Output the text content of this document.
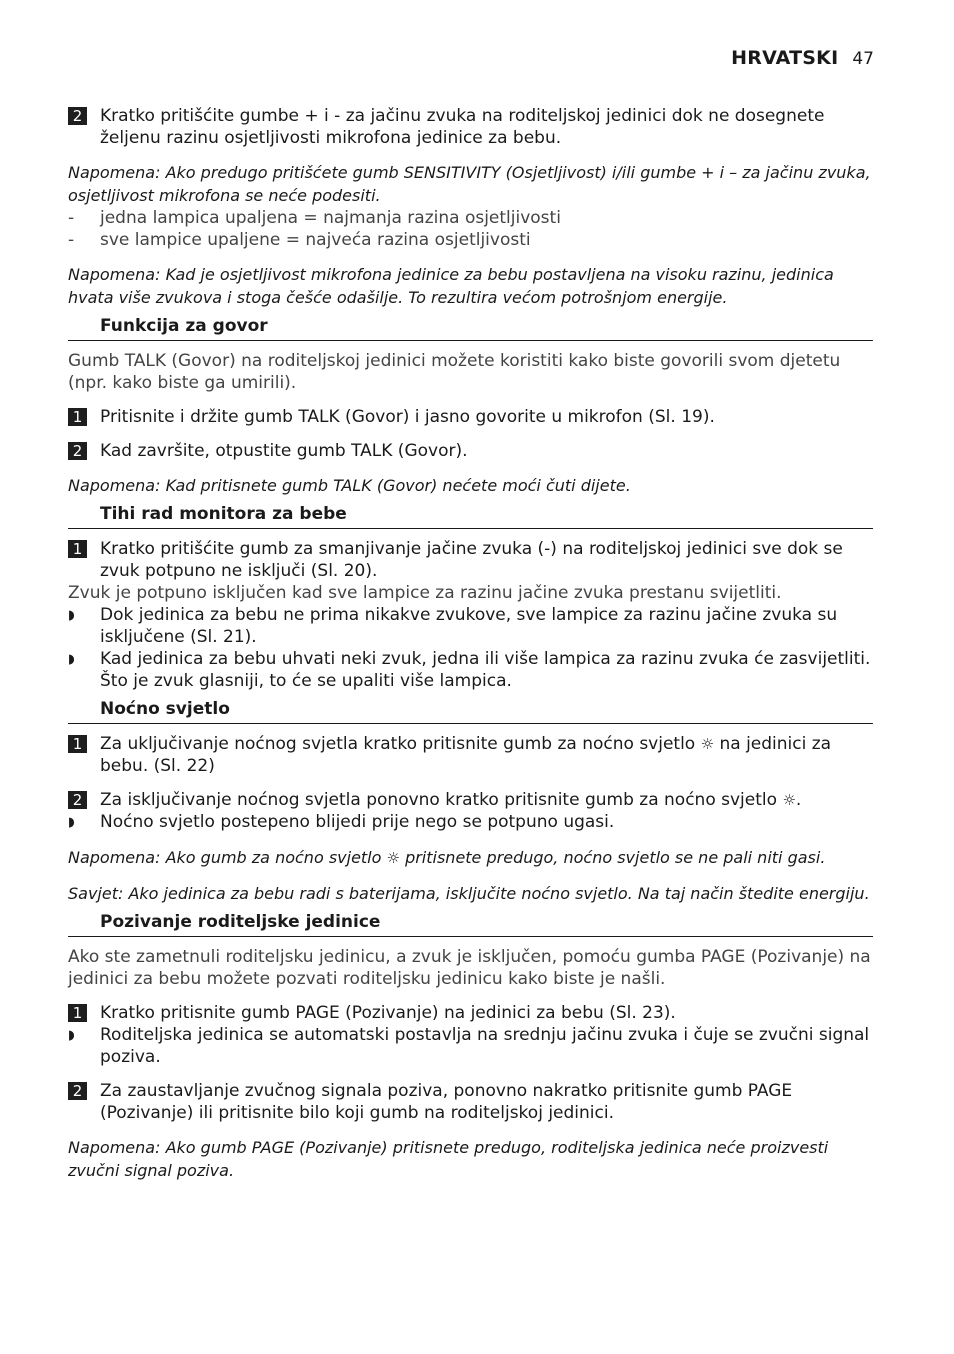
HRVATSKI 47
2 Kratko pritišćite gumbe + i - za jačinu zvuka na roditeljskoj jedinici dok ne dosegnete željenu razinu osjetljivosti mikrofona jedinice za bebu.
Napomena: Ako predugo pritišćete gumb SENSITIVITY (Osjetljivost) i/ili gumbe + i – za jačinu zvuka, osjetljivost mikrofona se neće podesiti.
-	jedna lampica upaljena = najmanja razina osjetljivosti
-	sve lampice upaljene = najveća razina osjetljivosti
Napomena: Kad je osjetljivost mikrofona jedinice za bebu postavljena na visoku razinu, jedinica hvata više zvukova i stoga češće odašilje. To rezultira većom potrošnjom energije.
Funkcija za govor
Gumb TALK (Govor) na roditeljskoj jedinici možete koristiti kako biste govorili svom djetetu (npr. kako biste ga umirili).
1 Pritisnite i držite gumb TALK (Govor) i jasno govorite u mikrofon (Sl. 19).
2 Kad završite, otpustite gumb TALK (Govor).
Napomena: Kad pritisnete gumb TALK (Govor) nećete moći čuti dijete.
Tihi rad monitora za bebe
1 Kratko pritišćite gumb za smanjivanje jačine zvuka (-) na roditeljskoj jedinici sve dok se zvuk potpuno ne isključi (Sl. 20).
Zvuk je potpuno isključen kad sve lampice za razinu jačine zvuka prestanu svijetliti.
◗	Dok jedinica za bebu ne prima nikakve zvukove, sve lampice za razinu jačine zvuka su isključene (Sl. 21).
◗	Kad jedinica za bebu uhvati neki zvuk, jedna ili više lampica za razinu zvuka će zasvijetliti. Što je zvuk glasniji, to će se upaliti više lampica.
Noćno svjetlo
1 Za uključivanje noćnog svjetla kratko pritisnite gumb za noćno svjetlo ☼ na jedinici za bebu. (Sl. 22)
2 Za isključivanje noćnog svjetla ponovno kratko pritisnite gumb za noćno svjetlo ☼.
◗	Noćno svjetlo postepeno blijedi prije nego se potpuno ugasi.
Napomena: Ako gumb za noćno svjetlo ☼ pritisnete predugo, noćno svjetlo se ne pali niti gasi.
Savjet: Ako jedinica za bebu radi s baterijama, isključite noćno svjetlo. Na taj način štedite energiju.
Pozivanje roditeljske jedinice
Ako ste zametnuli roditeljsku jedinicu, a zvuk je isključen, pomoću gumba PAGE (Pozivanje) na jedinici za bebu možete pozvati roditeljsku jedinicu kako biste je našli.
1 Kratko pritisnite gumb PAGE (Pozivanje) na jedinici za bebu (Sl. 23).
◗	Roditeljska jedinica se automatski postavlja na srednju jačinu zvuka i čuje se zvučni signal poziva.
2 Za zaustavljanje zvučnog signala poziva, ponovno nakratko pritisnite gumb PAGE (Pozivanje) ili pritisnite bilo koji gumb na roditeljskoj jedinici.
Napomena: Ako gumb PAGE (Pozivanje) pritisnete predugo, roditeljska jedinica neće proizvesti zvučni signal poziva.
